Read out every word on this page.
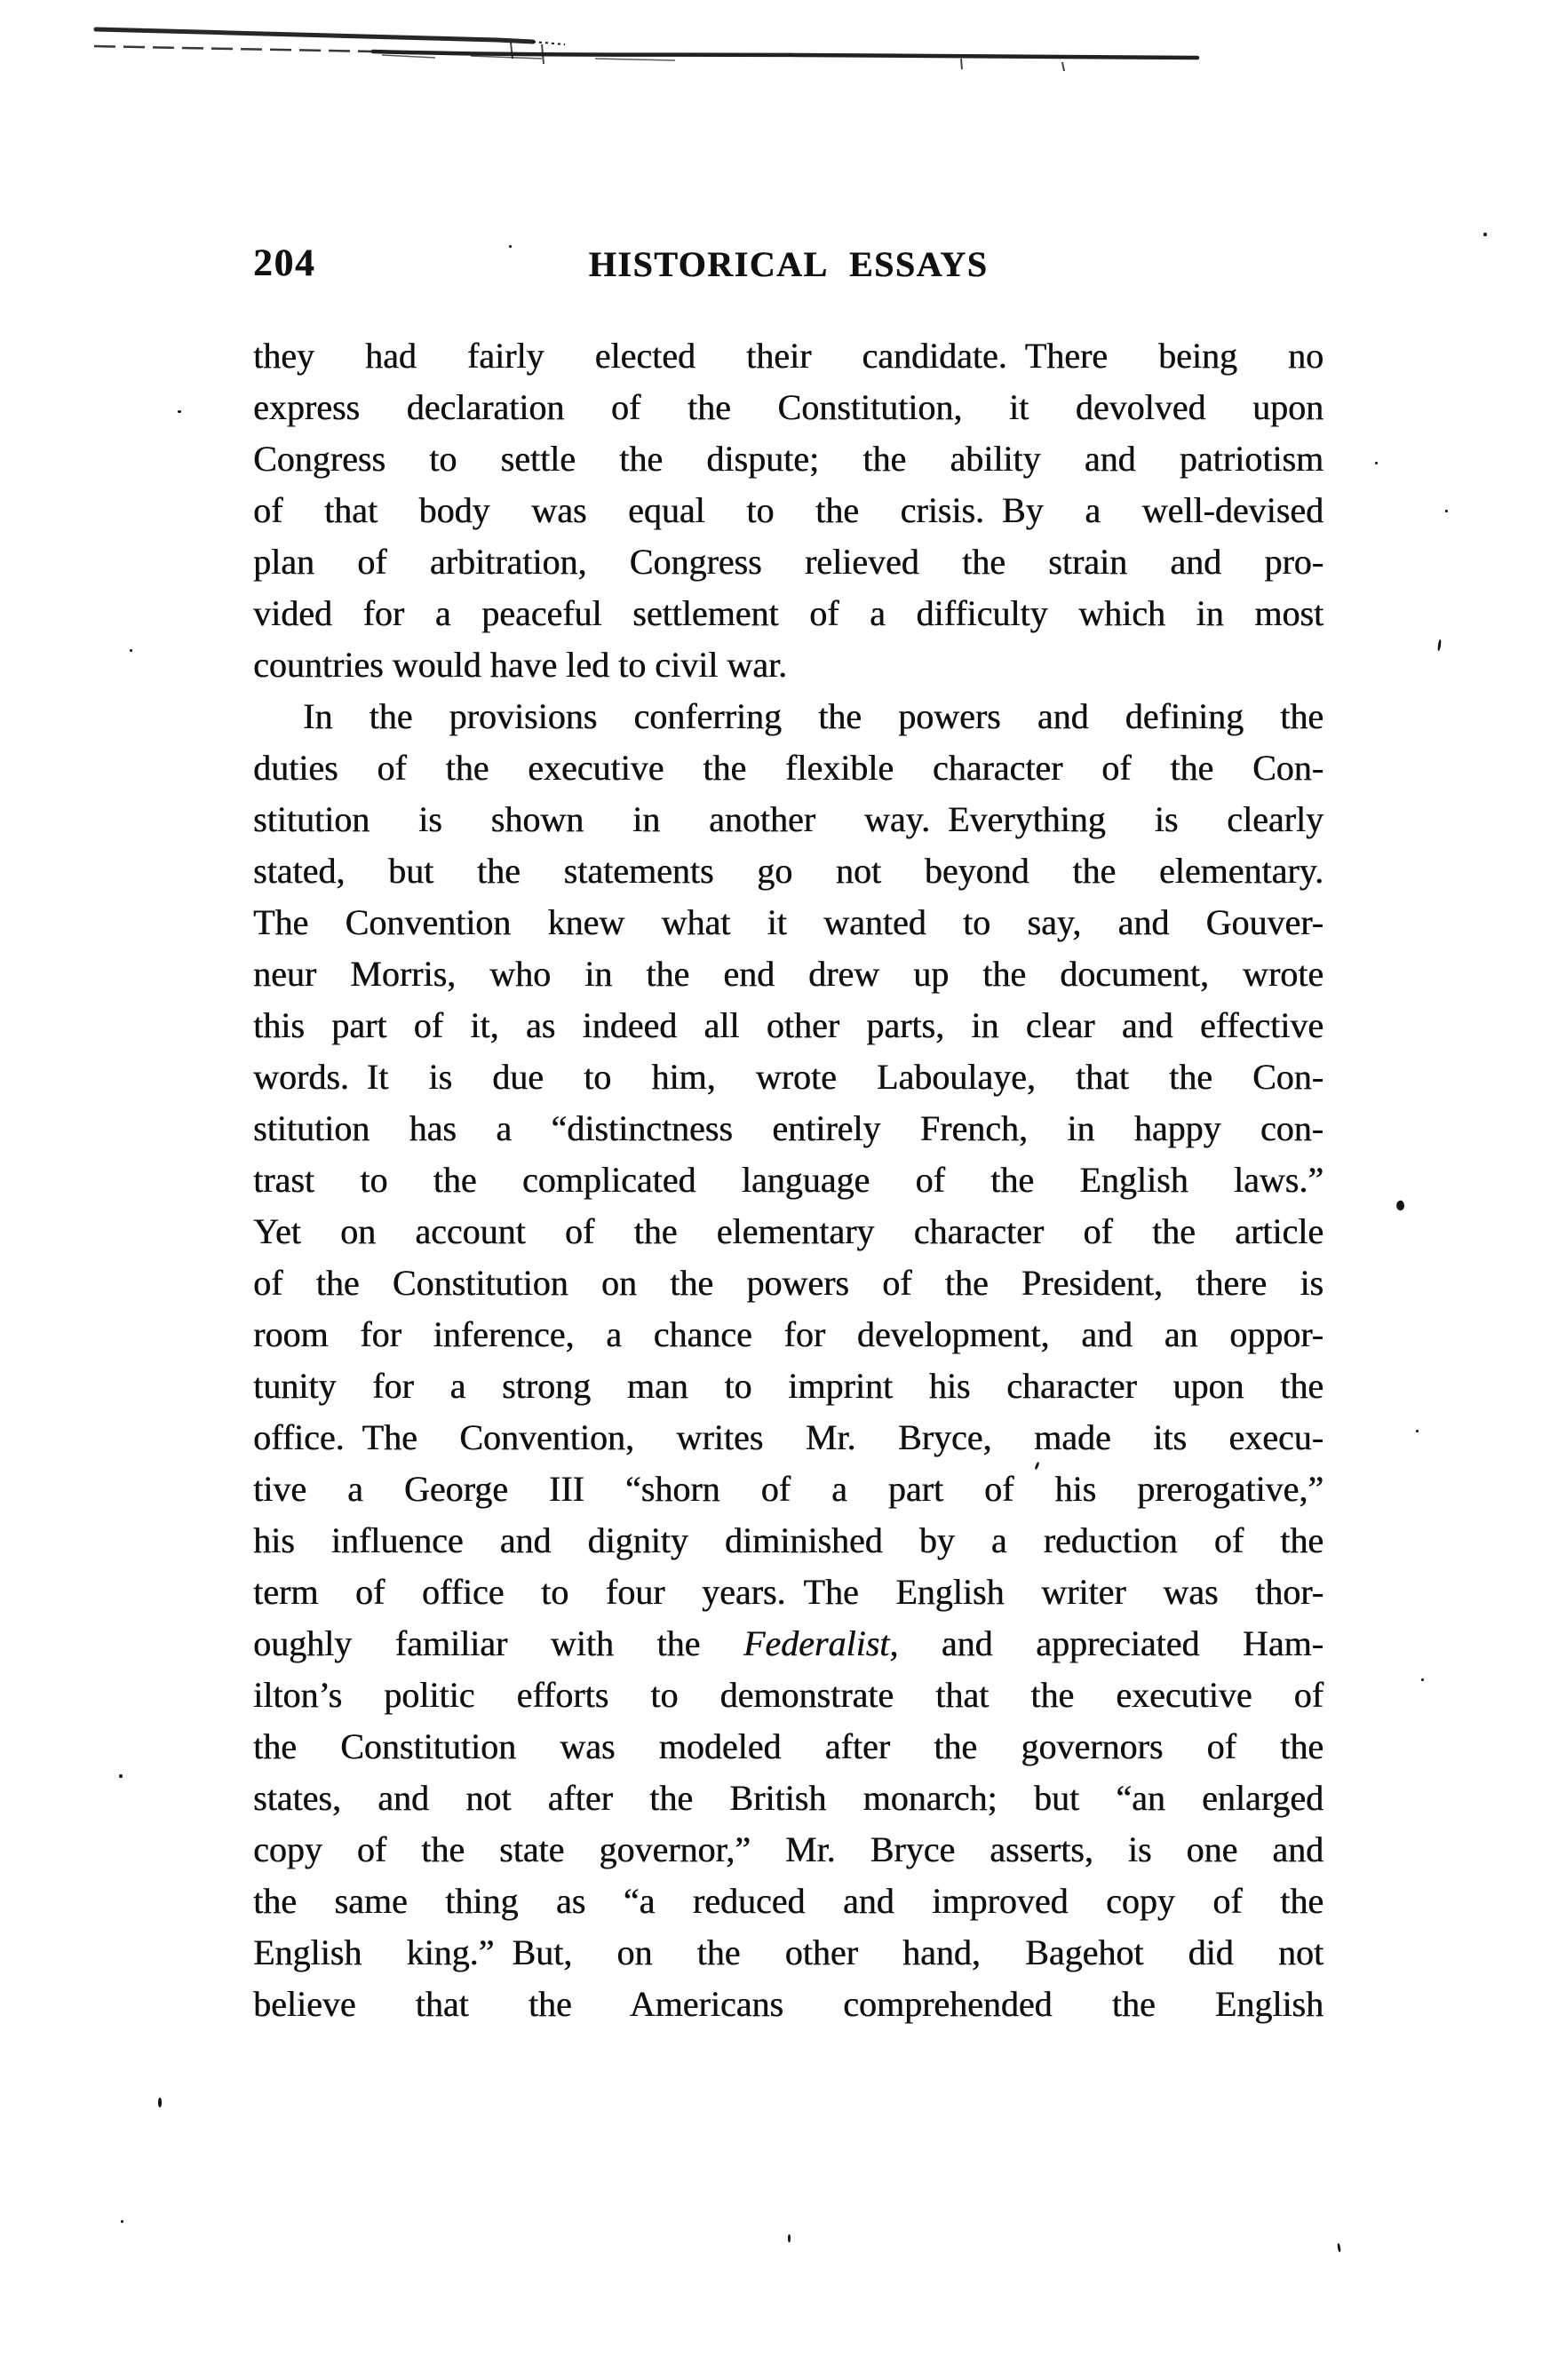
204	HISTORICAL ESSAYS
they had fairly elected their candidate. There being no
express declaration of the Constitution, it devolved upon
Congress to settle the dispute; the ability and patriotism
of that body was equal to the crisis. By a well-devised
plan of arbitration, Congress relieved the strain and pro-
vided for a peaceful settlement of a difficulty which in most
countries would have led to civil war.
In the provisions conferring the powers and defining the
duties of the executive the flexible character of the Con-
stitution is shown in another way. Everything is clearly
stated, but the statements go not beyond the elementary.
The Convention knew what it wanted to say, and Gouver-
neur Morris, who in the end drew up the document, wrote
this part of it, as indeed all other parts, in clear and effective
words. It is due to him, wrote Laboulaye, that the Con-
stitution has a “distinctness entirely French, in happy con-
trast to the complicated language of the English laws.”
Yet on account of the elementary character of the article
of the Constitution on the powers of the President, there is
room for inference, a chance for development, and an oppor-
tunity for a strong man to imprint his character upon the
office. The Convention, writes Mr. Bryce, made its execu-
tive a George III “shorn of a part of his prerogative,”
his influence and dignity diminished by a reduction of the
term of office to four years. The English writer was thor-
oughly familiar with the Federalist, and appreciated Ham-
ilton’s politic efforts to demonstrate that the executive of
the Constitution was modeled after the governors of the
states, and not after the British monarch; but “an enlarged
copy of the state governor,” Mr. Bryce asserts, is one and
the same thing as “a reduced and improved copy of the
English king.” But, on the other hand, Bagehot did not
believe that the Americans comprehended the English
